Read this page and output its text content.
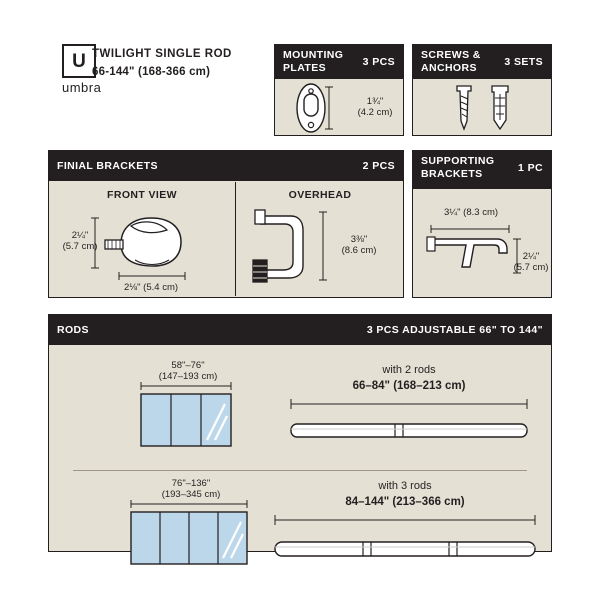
U
umbra
TWILIGHT SINGLE ROD
66-144" (168-366 cm)
MOUNTING
PLATES	3 PCS
1¾"
(4.2 cm)
SCREWS &
ANCHORS	3 SETS
FINIAL BRACKETS	2 PCS
FRONT VIEW
2¼"
(5.7 cm)
2⅛" (5.4 cm)
OVERHEAD
3⅜"
(8.6 cm)
SUPPORTING
BRACKETS	1 PC
3¼" (8.3 cm)
2¼"
(5.7 cm)
RODS	3 PCS ADJUSTABLE 66" TO 144"
58"–76"
(147–193 cm)
with 2 rods
66–84" (168–213 cm)
76"–136"
(193–345 cm)
with 3 rods
84–144" (213–366 cm)
